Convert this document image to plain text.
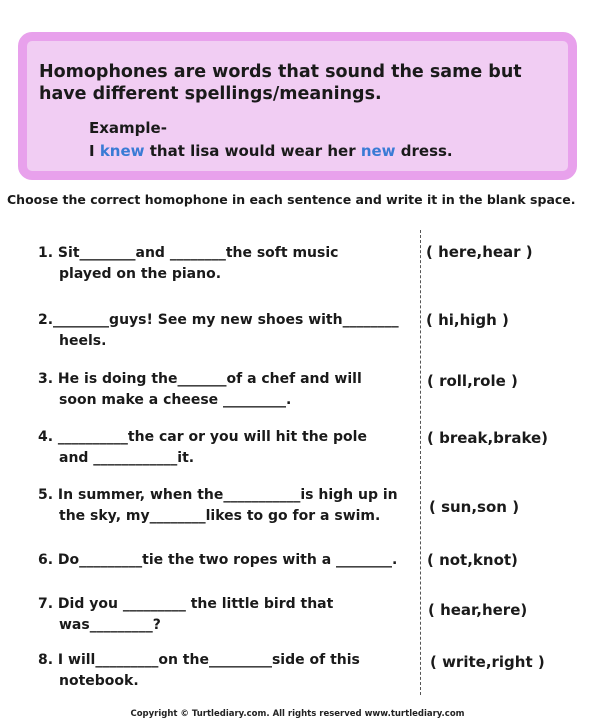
Homophones are words that sound the same but have different spellings/meanings.
Example-
I knew that lisa would wear her new dress.
Choose the correct homophone in each sentence and write it in the blank space.
1. Sit________and ________the soft music
played on the piano.
( here,hear )
2.________guys! See my new shoes with________
heels.
( hi,high )
3. He is doing the_______of a chef and will
soon make a cheese _________.
( roll,role )
4. __________the car or you will hit the pole
and ____________it.
( break,brake)
5. In summer, when the___________is high up in
the sky, my________likes to go for a swim.	( sun,son )
6. Do_________tie the two ropes with a ________.	( not,knot)
7. Did you _________ the little bird that
was_________?
( hear,here)
8. I will_________on the_________side of this
notebook.
( write,right )
Copyright © Turtlediary.com. All rights reserved www.turtlediary.com
